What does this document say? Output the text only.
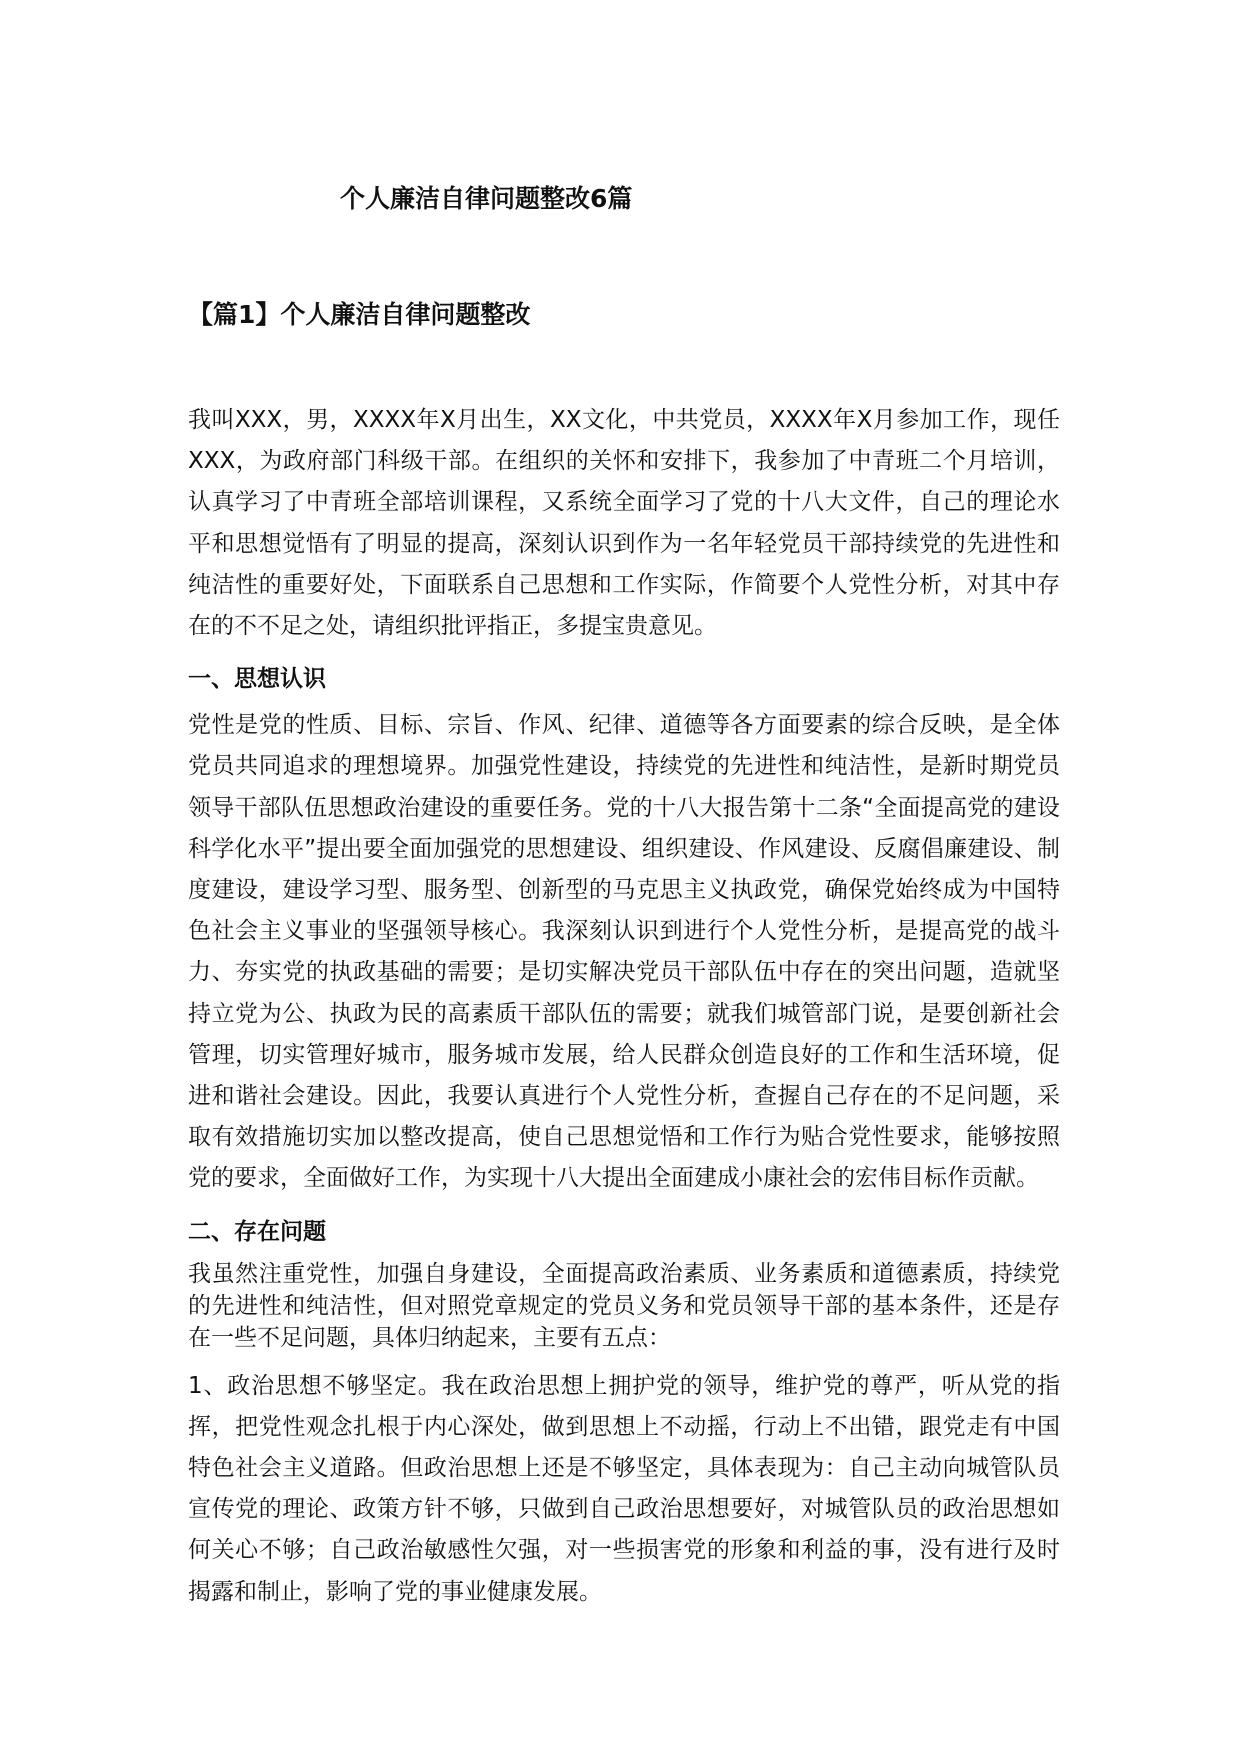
个人廉洁自律问题整改6篇
【篇1】个人廉洁自律问题整改

我叫XXX，男，XXXX年X月出生，XX文化，中共党员，XXXX年X月参加工作，现任XXX，为政府部门科级干部。在组织的关怀和安排下，我参加了中青班二个月培训，认真学习了中青班全部培训课程，又系统全面学习了党的十八大文件，自己的理论水平和思想觉悟有了明显的提高，深刻认识到作为一名年轻党员干部持续党的先进性和纯洁性的重要好处，下面联系自己思想和工作实际，作简要个人党性分析，对其中存在的不不足之处，请组织批评指正，多提宝贵意见。

一、思想认识

党性是党的性质、目标、宗旨、作风、纪律、道德等各方面要素的综合反映，是全体党员共同追求的理想境界。加强党性建设，持续党的先进性和纯洁性，是新时期党员领导干部队伍思想政治建设的重要任务。党的十八大报告第十二条“全面提高党的建设科学化水平”提出要全面加强党的思想建设、组织建设、作风建设、反腐倡廉建设、制度建设，建设学习型、服务型、创新型的马克思主义执政党，确保党始终成为中国特色社会主义事业的坚强领导核心。我深刻认识到进行个人党性分析，是提高党的战斗力、夯实党的执政基础的需要；是切实解决党员干部队伍中存在的突出问题，造就坚持立党为公、执政为民的高素质干部队伍的需要；就我们城管部门说，是要创新社会管理，切实管理好城市，服务城市发展，给人民群众创造良好的工作和生活环境，促进和谐社会建设。因此，我要认真进行个人党性分析，查握自己存在的不足问题，采取有效措施切实加以整改提高，使自己思想觉悟和工作行为贴合党性要求，能够按照党的要求，全面做好工作，为实现十八大提出全面建成小康社会的宏伟目标作贡献。

二、存在问题

我虽然注重党性，加强自身建设，全面提高政治素质、业务素质和道德素质，持续党的先进性和纯洁性，但对照党章规定的党员义务和党员领导干部的基本条件，还是存在一些不足问题，具体归纳起来，主要有五点：

1、政治思想不够坚定。我在政治思想上拥护党的领导，维护党的尊严，听从党的指挥，把党性观念扎根于内心深处，做到思想上不动摇，行动上不出错，跟党走有中国特色社会主义道路。但政治思想上还是不够坚定，具体表现为：自己主动向城管队员宣传党的理论、政策方针不够，只做到自己政治思想要好，对城管队员的政治思想如何关心不够；自己政治敏感性欠强，对一些损害党的形象和利益的事，没有进行及时揭露和制止，影响了党的事业健康发展。
